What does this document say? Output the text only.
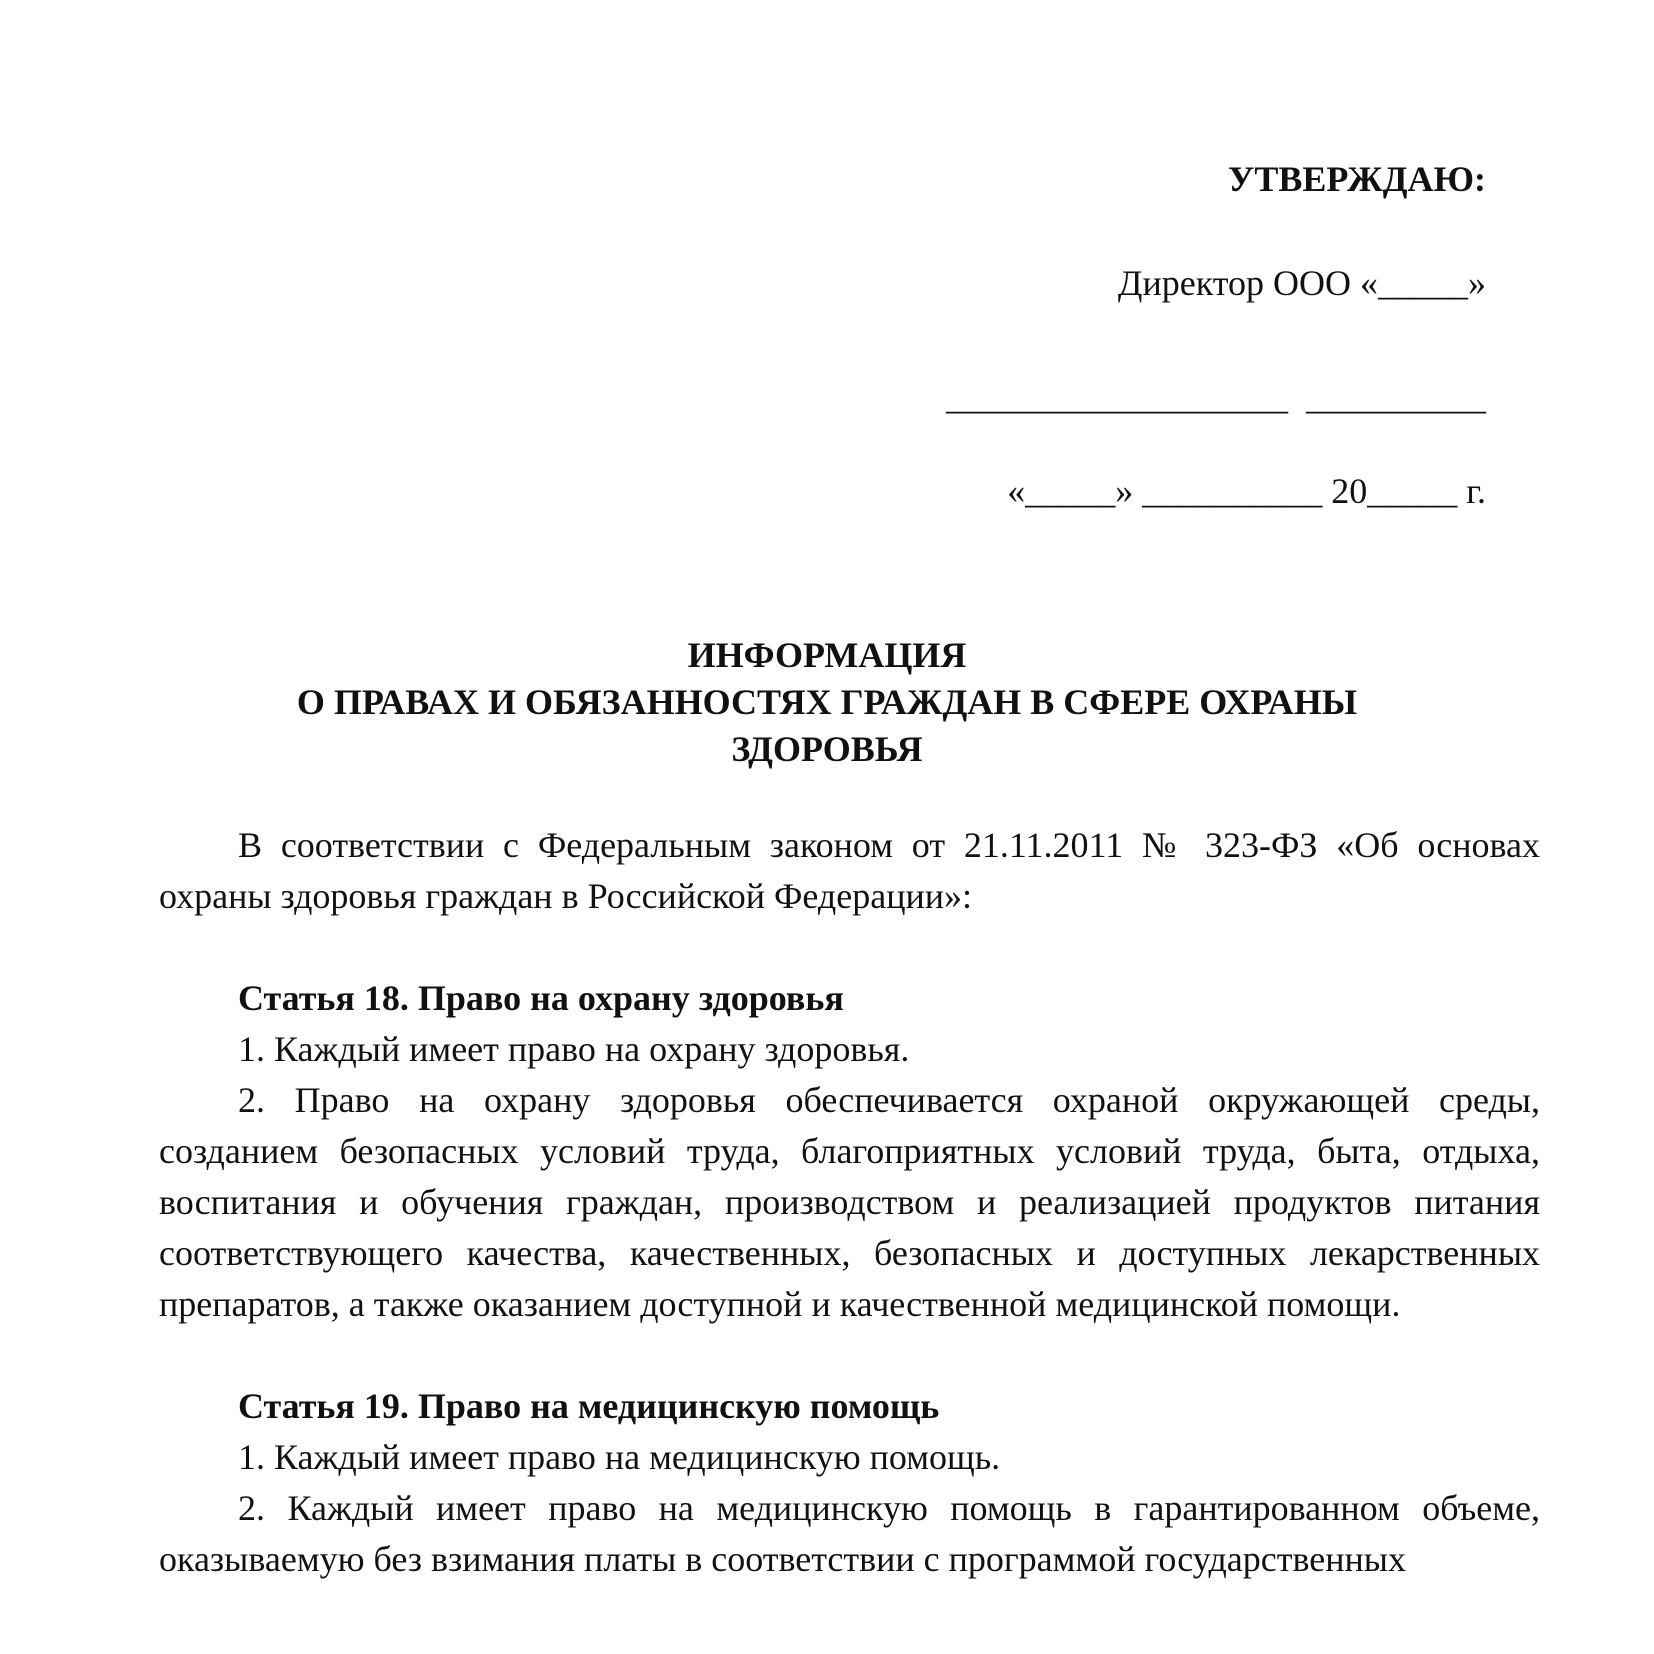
УТВЕРЖДАЮ:
Директор ООО «_____»
___________________  __________
«_____» __________ 20_____ г.
ИНФОРМАЦИЯ
О ПРАВАХ И ОБЯЗАННОСТЯХ ГРАЖДАН В СФЕРЕ ОХРАНЫ
ЗДОРОВЬЯ

В соответствии с Федеральным законом от 21.11.2011 № 323-ФЗ «Об основах охраны здоровья граждан в Российской Федерации»:

Статья 18. Право на охрану здоровья

1. Каждый имеет право на охрану здоровья.

2. Право на охрану здоровья обеспечивается охраной окружающей среды, созданием безопасных условий труда, благоприятных условий труда, быта, отдыха, воспитания и обучения граждан, производством и реализацией продуктов питания соответствующего качества, качественных, безопасных и доступных лекарственных препаратов, а также оказанием доступной и качественной медицинской помощи.

Статья 19. Право на медицинскую помощь

1. Каждый имеет право на медицинскую помощь.

2. Каждый имеет право на медицинскую помощь в гарантированном объеме, оказываемую без взимания платы в соответствии с программой государственных
